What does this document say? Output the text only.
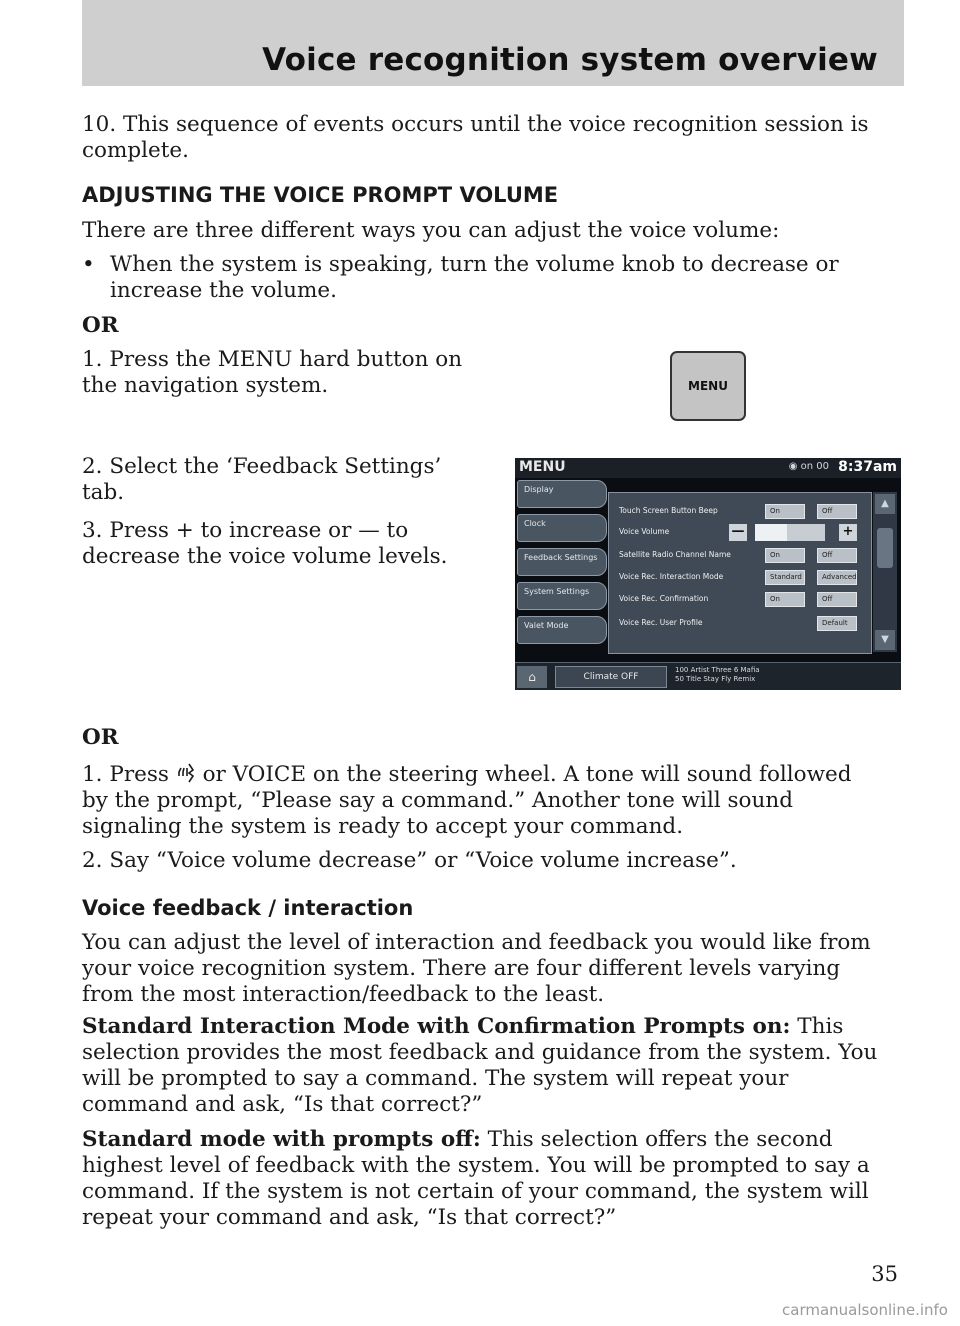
Voice recognition system overview

10. This sequence of events occurs until the voice recognition session is complete.

ADJUSTING THE VOICE PROMPT VOLUME

There are three different ways you can adjust the voice volume:

• When the system is speaking, turn the volume knob to decrease or
increase the volume.

OR

1. Press the MENU hard button on
the navigation system.	MENU

2. Select the ‘Feedback Settings’
tab.

3. Press + to increase or — to
decrease the voice volume levels.

MENU	◉ on 00 8:37am
Display
Clock
Feedback Settings
System Settings
Valet Mode
Touch Screen Button Beep	On	Off
Voice Volume	—	+
Satellite Radio Channel Name	On	Off
Voice Rec. Interaction Mode	Standard	Advanced
Voice Rec. Confirmation	On	Off
Voice Rec. User Profile	Default
▲
▼
⌂	Climate OFF
100 Artist Three 6 Mafia
50 Title Stay Fly Remix

OR

1. Press or VOICE on the steering wheel. A tone will sound followed
by the prompt, “Please say a command.” Another tone will sound
signaling the system is ready to accept your command.

2. Say “Voice volume decrease” or “Voice volume increase”.

Voice feedback / interaction

You can adjust the level of interaction and feedback you would like from
your voice recognition system. There are four different levels varying
from the most interaction/feedback to the least.

Standard Interaction Mode with Confirmation Prompts on: This
selection provides the most feedback and guidance from the system. You
will be prompted to say a command. The system will repeat your
command and ask, “Is that correct?”

Standard mode with prompts off: This selection offers the second
highest level of feedback with the system. You will be prompted to say a
command. If the system is not certain of your command, the system will
repeat your command and ask, “Is that correct?”

35
carmanualsonline.info
